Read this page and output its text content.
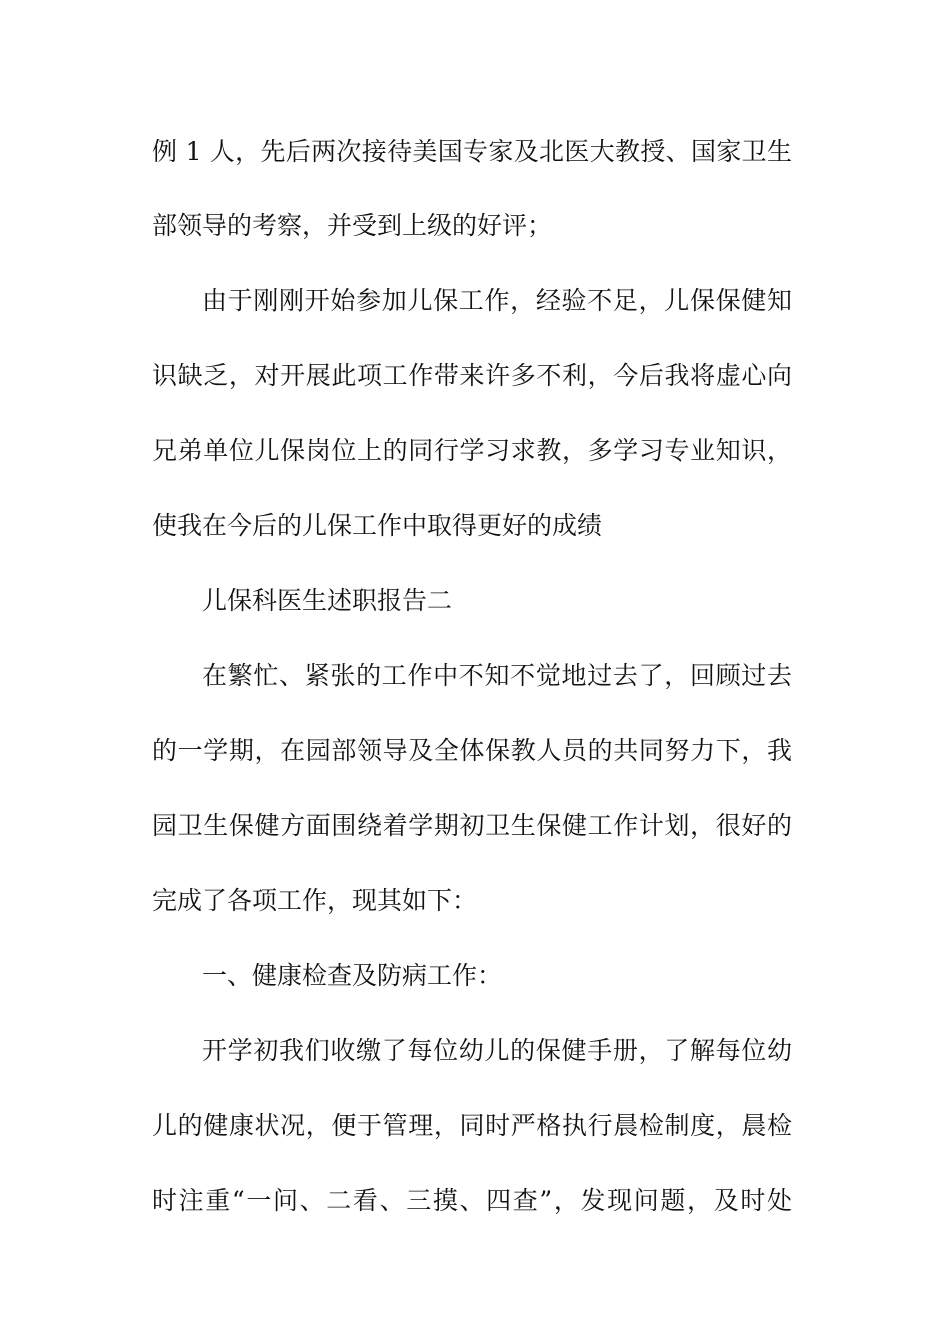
例 1 人，先后两次接待美国专家及北医大教授、国家卫生
部领导的考察，并受到上级的好评；
由于刚刚开始参加儿保工作，经验不足，儿保保健知
识缺乏，对开展此项工作带来许多不利，今后我将虚心向
兄弟单位儿保岗位上的同行学习求教，多学习专业知识，
使我在今后的儿保工作中取得更好的成绩
儿保科医生述职报告二
在繁忙、紧张的工作中不知不觉地过去了，回顾过去
的一学期，在园部领导及全体保教人员的共同努力下，我
园卫生保健方面围绕着学期初卫生保健工作计划，很好的
完成了各项工作，现其如下：
一、健康检查及防病工作：
开学初我们收缴了每位幼儿的保健手册，了解每位幼
儿的健康状况，便于管理，同时严格执行晨检制度，晨检
时注重“一问、二看、三摸、四查”，发现问题，及时处
